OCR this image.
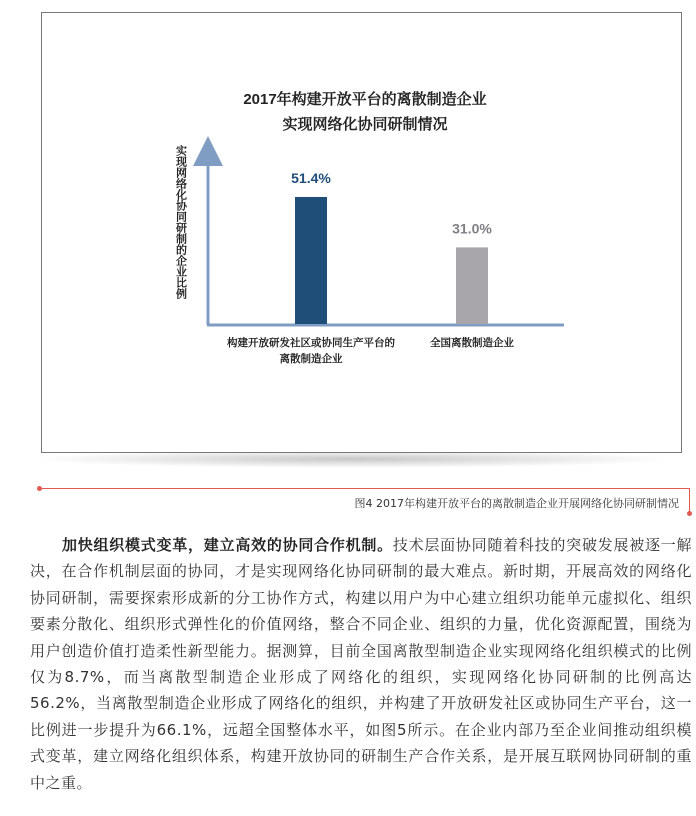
2017年构建开放平台的离散制造企业
实现网络化协同研制情况
实现网络化协同研制的企业比例	51.4%
31.0%
构建开放研发社区或协同生产平台的
离散制造企业
全国离散制造企业
图4 2017年构建开放平台的离散制造企业开展网络化协同研制情况

加快组织模式变革，建立高效的协同合作机制。技术层面协同随着科技的突破发展被逐一解决，在合作机制层面的协同，才是实现网络化协同研制的最大难点。新时期，开展高效的网络化协同研制，需要探索形成新的分工协作方式，构建以用户为中心建立组织功能单元虚拟化、组织要素分散化、组织形式弹性化的价值网络，整合不同企业、组织的力量，优化资源配置，围绕为用户创造价值打造柔性新型能力。据测算，目前全国离散型制造企业实现网络化组织模式的比例仅为8.7%，而当离散型制造企业形成了网络化的组织，实现网络化协同研制的比例高达56.2%，当离散型制造企业形成了网络化的组织，并构建了开放研发社区或协同生产平台，这一比例进一步提升为66.1%，远超全国整体水平，如图5所示。在企业内部乃至企业间推动组织模式变革，建立网络化组织体系，构建开放协同的研制生产合作关系，是开展互联网协同研制的重中之重。
